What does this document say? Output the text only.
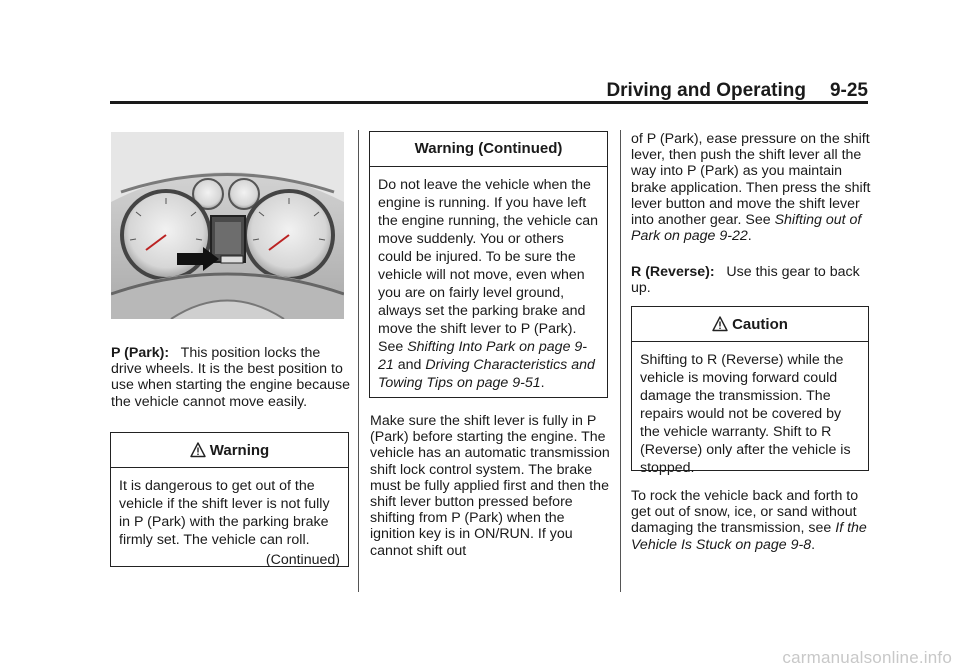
Driving and Operating 9-25
P (Park): This position locks the drive wheels. It is the best position to use when starting the engine because the vehicle cannot move easily.
Warning
It is dangerous to get out of the vehicle if the shift lever is not fully in P (Park) with the parking brake firmly set. The vehicle can roll.
(Continued)
Warning (Continued)
Do not leave the vehicle when the engine is running. If you have left the engine running, the vehicle can move suddenly. You or others could be injured. To be sure the vehicle will not move, even when you are on fairly level ground, always set the parking brake and move the shift lever to P (Park). See Shifting Into Park on page 9-21 and Driving Characteristics and Towing Tips on page 9-51.
Make sure the shift lever is fully in P (Park) before starting the engine. The vehicle has an automatic transmission shift lock control system. The brake must be fully applied first and then the shift lever button pressed before shifting from P (Park) when the ignition key is in ON/RUN. If you cannot shift out
of P (Park), ease pressure on the shift lever, then push the shift lever all the way into P (Park) as you maintain brake application. Then press the shift lever button and move the shift lever into another gear. See Shifting out of Park on page 9-22.
R (Reverse): Use this gear to back up.
Caution
Shifting to R (Reverse) while the vehicle is moving forward could damage the transmission. The repairs would not be covered by the vehicle warranty. Shift to R (Reverse) only after the vehicle is stopped.
To rock the vehicle back and forth to get out of snow, ice, or sand without damaging the transmission, see If the Vehicle Is Stuck on page 9-8.
carmanualsonline.info
